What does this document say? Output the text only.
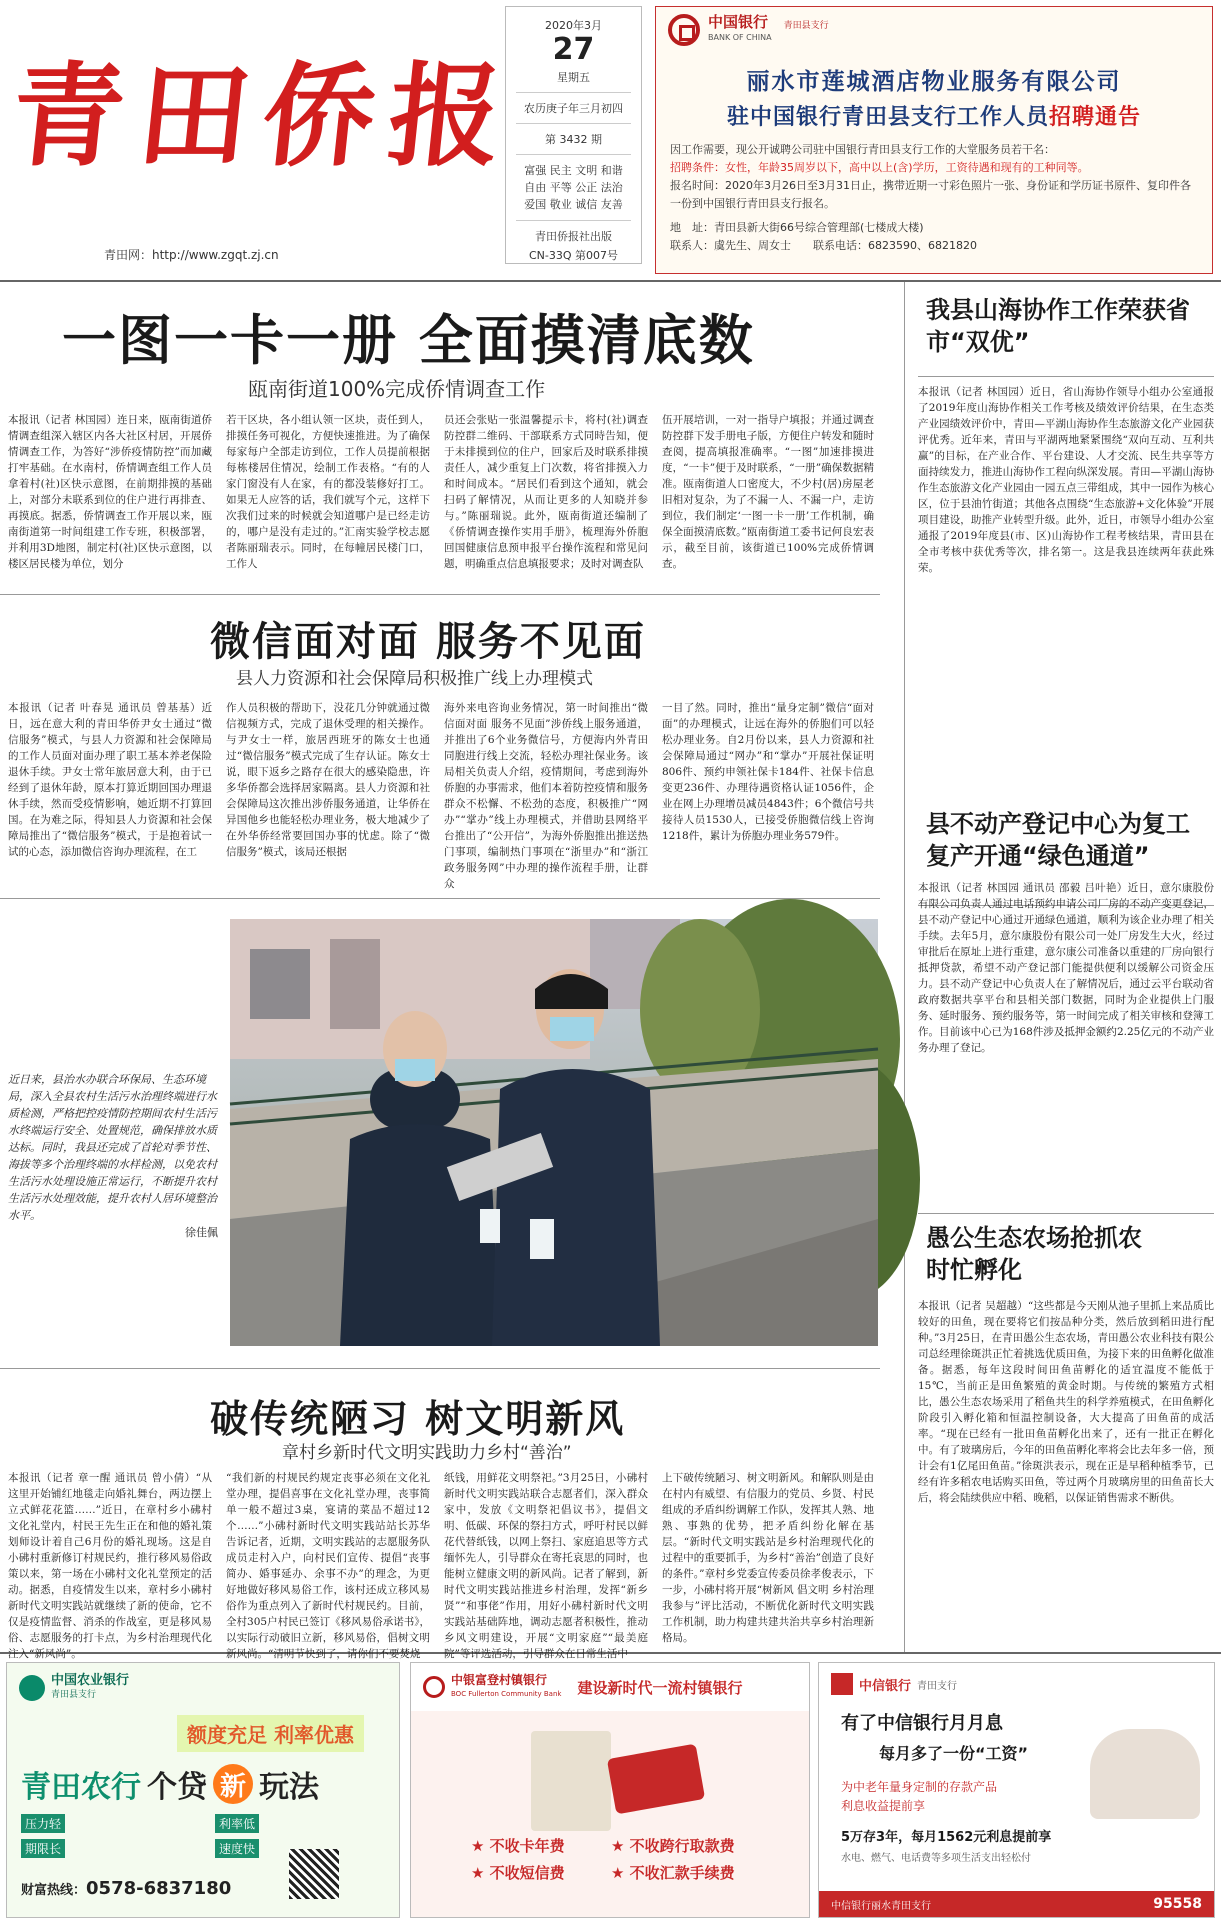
青 田 侨 报
青田网：http://www.zgqt.zj.cn
2020年3月
27
星期五
农历庚子年三月初四
第 3432 期
富强 民主 文明 和谐
自由 平等 公正 法治
爱国 敬业 诚信 友善
青田侨报社出版
CN-33Q 第007号
中国银行
BANK OF CHINA
青田县支行
丽水市莲城酒店物业服务有限公司
驻中国银行青田县支行工作人员招聘通告
因工作需要，现公开诚聘公司驻中国银行青田县支行工作的大堂服务员若干名：
招聘条件：女性，年龄35周岁以下，高中以上(含)学历，工资待遇和现有的工种同等。
报名时间：2020年3月26日至3月31日止，携带近期一寸彩色照片一张、身份证和学历证书原件、复印件各一份到中国银行青田县支行报名。
地　址：青田县新大街66号综合管理部(七楼成大楼)
联系人：虞先生、周女士　　联系电话：6823590、6821820
一图一卡一册 全面摸清底数
瓯南街道100%完成侨情调查工作
本报讯（记者 林国园）连日来，瓯南街道侨情调查组深入辖区内各大社区村居，开展侨情调查工作，为答好“涉侨疫情防控”而加藏打牢基础。在水南村，侨情调查组工作人员拿着村(社)区快示意图，在前期排摸的基础上，对部分未联系到位的住户进行再排查、再摸底。据悉，侨情调查工作开展以来，瓯南街道第一时间组建工作专班，积极部署，并利用3D地图，制定村(社)区快示意图，以楼区居民楼为单位，划分
若干区块，各小组认领一区块，责任到人，排摸任务可视化，方便快速推进。为了确保每家每户全部走访到位，工作人员提前根据每栋楼居住情况，绘制工作表格。“有的人家门窗没有人在家，有的都没装修好打工。如果无人应答的话，我们就写个元，这样下次我们过来的时候就会知道哪户是已经走访的，哪户是没有走过的。”汇南实验学校志愿者陈丽瑞表示。同时，在每幢居民楼门口，工作人
员还会张贴一张温馨提示卡，将村(社)调查防控群二维码、干部联系方式同時告知，便于未排摸到位的住户，回家后及时联系排摸责任人，减少重复上门次数，将省排摸入力和时间成本。“居民们看到这个通知，就会扫码了解情况，从而让更多的人知晓并参与。”陈丽瑞说。此外，瓯南街道还编制了《侨情调查操作实用手册》，梳理海外侨胞回国健康信息预申报平台操作流程和常见问题，明确重点信息填报要求；及时对调查队
伍开展培训，一对一指导户填报；并通过调查防控群下发手册电子版，方便住户转发和随时查阅，提高填报准确率。“一图”加速排摸进度，“一卡”便于及时联系，“一册”确保数据精准。瓯南街道人口密度大，不少村(居)房屋老旧相对复杂，为了不漏一人、不漏一户，走访到位，我们制定‘一图一卡一册’工作机制，确保全面摸清底数。”瓯南街道工委书记何良宏表示，截至目前，该街道已100%完成侨情调查。
微信面对面 服务不见面
县人力资源和社会保障局积极推广线上办理模式
本报讯（记者 叶春晃 通讯员 曾基基）近日，远在意大利的青田华侨尹女士通过“微信服务”模式，与县人力资源和社会保障局的工作人员面对面办理了职工基本养老保险退休手续。尹女士常年旅居意大利，由于已经到了退休年龄，原本打算近期回国办理退休手续，然而受疫情影响，她近期不打算回国。在为难之际，得知县人力资源和社会保障局推出了“微信服务”模式，于是抱着试一试的心态，添加微信咨询办理流程，在工
作人员积极的帮助下，没花几分钟就通过微信视频方式，完成了退休受理的相关操作。与尹女士一样，旅居西班牙的陈女士也通过“微信服务”模式完成了生存认证。陈女士说，眼下返乡之路存在很大的感染隐患，许多华侨都会选择居家隔离。县人力资源和社会保障局这次推出涉侨服务通道，让华侨在异国他乡也能轻松办理业务，极大地减少了在外华侨经常要回国办事的忧虑。除了“微信服务”模式，该局还根据
海外来电咨询业务情况，第一时间推出“微信面对面 服务不见面”涉侨线上服务通道，并推出了6个业务微信号，方便海内外青田同胞进行线上交流，轻松办理社保业务。该局相关负责人介绍，疫情期间，考虑到海外侨胞的办事需求，他们本着防控疫情和服务群众不松懈、不松劲的态度，积极推广“网办”“掌办”线上办理模式，并借助县网络平台推出了“公开信”，为海外侨胞推出推送热门事项，编制热门事项在“浙里办”和“浙江政务服务网”中办理的操作流程手册，让群众
一目了然。同时，推出“量身定制”微信“面对面”的办理模式，让远在海外的侨胞们可以轻松办理业务。自2月份以来，县人力资源和社会保障局通过“网办”和“掌办”开展社保证明806件、预约申领社保卡184件、社保卡信息变更236件、办理待遇资格认证1056件，企业在网上办理增员减员4843件；6个微信号共接待人员1530人，已接受侨胞微信线上咨询1218件，累计为侨胞办理业务579件。
近日来，县治水办联合环保局、生态环境局，深入全县农村生活污水治理终端进行水质检测，严格把控疫情防控期间农村生活污水终端运行安全、处置规范，确保排放水质达标。同时，我县还完成了首轮对季节性、海拔等多个治理终端的水样检测，以免农村生活污水处理设施正常运行，不断提升农村生活污水处理效能，提升农村人居环境整治水平。
徐佳佩
破传统陋习 树文明新风
章村乡新时代文明实践助力乡村“善治”
本报讯（记者 章一醒 通讯员 曾小倩）“从这里开始铺红地毯走向婚礼舞台，两边摆上立式鲜花花篮……”近日，在章村乡小砩村文化礼堂内，村民王先生正在和他的婚礼策划师设计着自己6月份的婚礼现场。这是自小砩村重新修订村规民约，推行移风易俗政策以来，第一场在小砩村文化礼堂预定的活动。据悉，自疫情发生以来，章村乡小砩村新时代文明实践站就继续了新的使命，它不仅是疫情监督、消杀的作战室，更是移风易俗、志愿服务的打卡点，为乡村治理现代化注入“新风尚”。
“我们新的村规民约规定丧事必须在文化礼堂办理，提倡喜事在文化礼堂办理，丧事简单一般不超过3桌，宴请的菜品不超过12个……”小砩村新时代文明实践站站长苏华告诉记者，近期，文明实践站的志愿服务队成员走村入户，向村民们宣传、提倡“丧事简办、婚事延办、余事不办”的理念，为更好地做好移风易俗工作，该村还成立移风易俗作为重点列入了新时代村规民约。目前，全村305户村民已签订《移风易俗承诺书》，以实际行动破旧立新，移风易俗，倡树文明新风尚。“清明节快到了，请你们不要焚烧
纸钱，用鲜花文明祭祀。”3月25日，小砩村新时代文明实践站联合志愿者们，深入群众家中，发放《文明祭祀倡议书》，提倡文明、低碳、环保的祭扫方式，呼吁村民以鲜花代替纸钱，以网上祭扫、家庭追思等方式缅怀先人，引导群众在寄托哀思的同时，也能树立健康文明的新风尚。记者了解到，新时代文明实践站推进乡村治理，发挥“新乡贤”“和事佬”作用，用好小砩村新时代文明实践站基础阵地，调动志愿者积极性，推动乡风文明建设，开展“文明家庭”“最美庭院”等评选活动，引导群众在日常生活中
上下破传统陋习、树文明新风。和解队则是由在村内有威望、有信服力的党员、乡贤、村民组成的矛盾纠纷调解工作队，发挥其人熟、地熟、事熟的优势，把矛盾纠纷化解在基层。“新时代文明实践站是乡村治理现代化的过程中的重要抓手，为乡村“善治”创造了良好的条件。”章村乡党委宣传委员徐孝俊表示，下一步，小砩村将开展“树新风 倡文明 乡村治理我参与”评比活动，不断优化新时代文明实践工作机制，助力构建共建共治共享乡村治理新格局。
我县山海协作工作荣获省市“双优”
本报讯（记者 林国园）近日，省山海协作领导小组办公室通报了2019年度山海协作相关工作考核及绩效评价结果，在生态类产业园绩效评价中，青田—平湖山海协作生态旅游文化产业园获评优秀。近年来，青田与平湖两地紧紧围绕“双向互动、互利共赢”的目标，在产业合作、平台建设、人才交流、民生共享等方面持续发力，推进山海协作工程向纵深发展。青田—平湖山海协作生态旅游文化产业园由一园五点三带组成，其中一园作为核心区，位于县油竹街道；其他各点围绕“生态旅游+文化体验”开展项目建设，助推产业转型升级。此外，近日，市领导小组办公室通报了2019年度县(市、区)山海协作工程考核结果，青田县在全市考核中获优秀等次，排名第一。这是我县连续两年获此殊荣。
县不动产登记中心为复工复产开通“绿色通道”
本报讯（记者 林国园 通讯员 邵毅 吕叶艳）近日，意尔康股份有限公司负责人通过电话预约申请公司厂房的不动产变更登记，县不动产登记中心通过开通绿色通道，顺利为该企业办理了相关手续。去年5月，意尔康股份有限公司一处厂房发生大火，经过审批后在原址上进行重建，意尔康公司准备以重建的厂房向银行抵押贷款，希望不动产登记部门能提供便利以缓解公司资金压力。县不动产登记中心负责人在了解情况后，通过云平台联动省政府数据共享平台和县相关部门数据，同时为企业提供上门服务、延时服务、预约服务等，第一时间完成了相关审核和登簿工作。目前该中心已为168件涉及抵押金额约2.25亿元的不动产业务办理了登记。
愚公生态农场抢抓农时忙孵化
本报讯（记者 吴超越）“这些都是今天刚从池子里抓上来品质比较好的田鱼，现在要将它们按品种分类，然后放到稻田进行配种。”3月25日，在青田愚公生态农场，青田愚公农业科技有限公司总经理徐斑洪正忙着挑选优质田鱼，为接下来的田鱼孵化做准备。据悉，每年这段时间田鱼苗孵化的适宜温度不能低于15℃，当前正是田鱼繁殖的黄金时期。与传统的繁殖方式相比，愚公生态农场采用了稻鱼共生的科学养殖模式，在田鱼孵化阶段引入孵化箱和恒温控制设备，大大提高了田鱼苗的成活率。“现在已经有一批田鱼苗孵化出来了，还有一批正在孵化中。有了玻璃房后，今年的田鱼苗孵化率将会比去年多一倍，预计会有1亿尾田鱼苗。”徐斑洪表示，现在正是早稻种植季节，已经有许多稻农电话购买田鱼，等过两个月玻璃房里的田鱼苗长大后，将会陆续供应中稻、晚稻，以保证销售需求不断供。
中国农业银行
青田县支行
额度充足 利率优惠
青田农行 个贷 新 玩法
压力轻	利率低
期限长	速度快
财富热线：0578-6837180
中银富登村镇银行
BOC Fullerton Community Bank 建设新时代一流村镇银行
★ 不收卡年费	★ 不收跨行取款费
★ 不收短信费	★ 不收汇款手续费
中信银行 青田支行
有了中信银行月月息
每月多了一份“工资”
为中老年量身定制的存款产品
利息收益提前享
5万存3年，每月1562元利息提前享
水电、燃气、电话费等多项生活支出轻松付
中信银行丽水青田支行	95558
